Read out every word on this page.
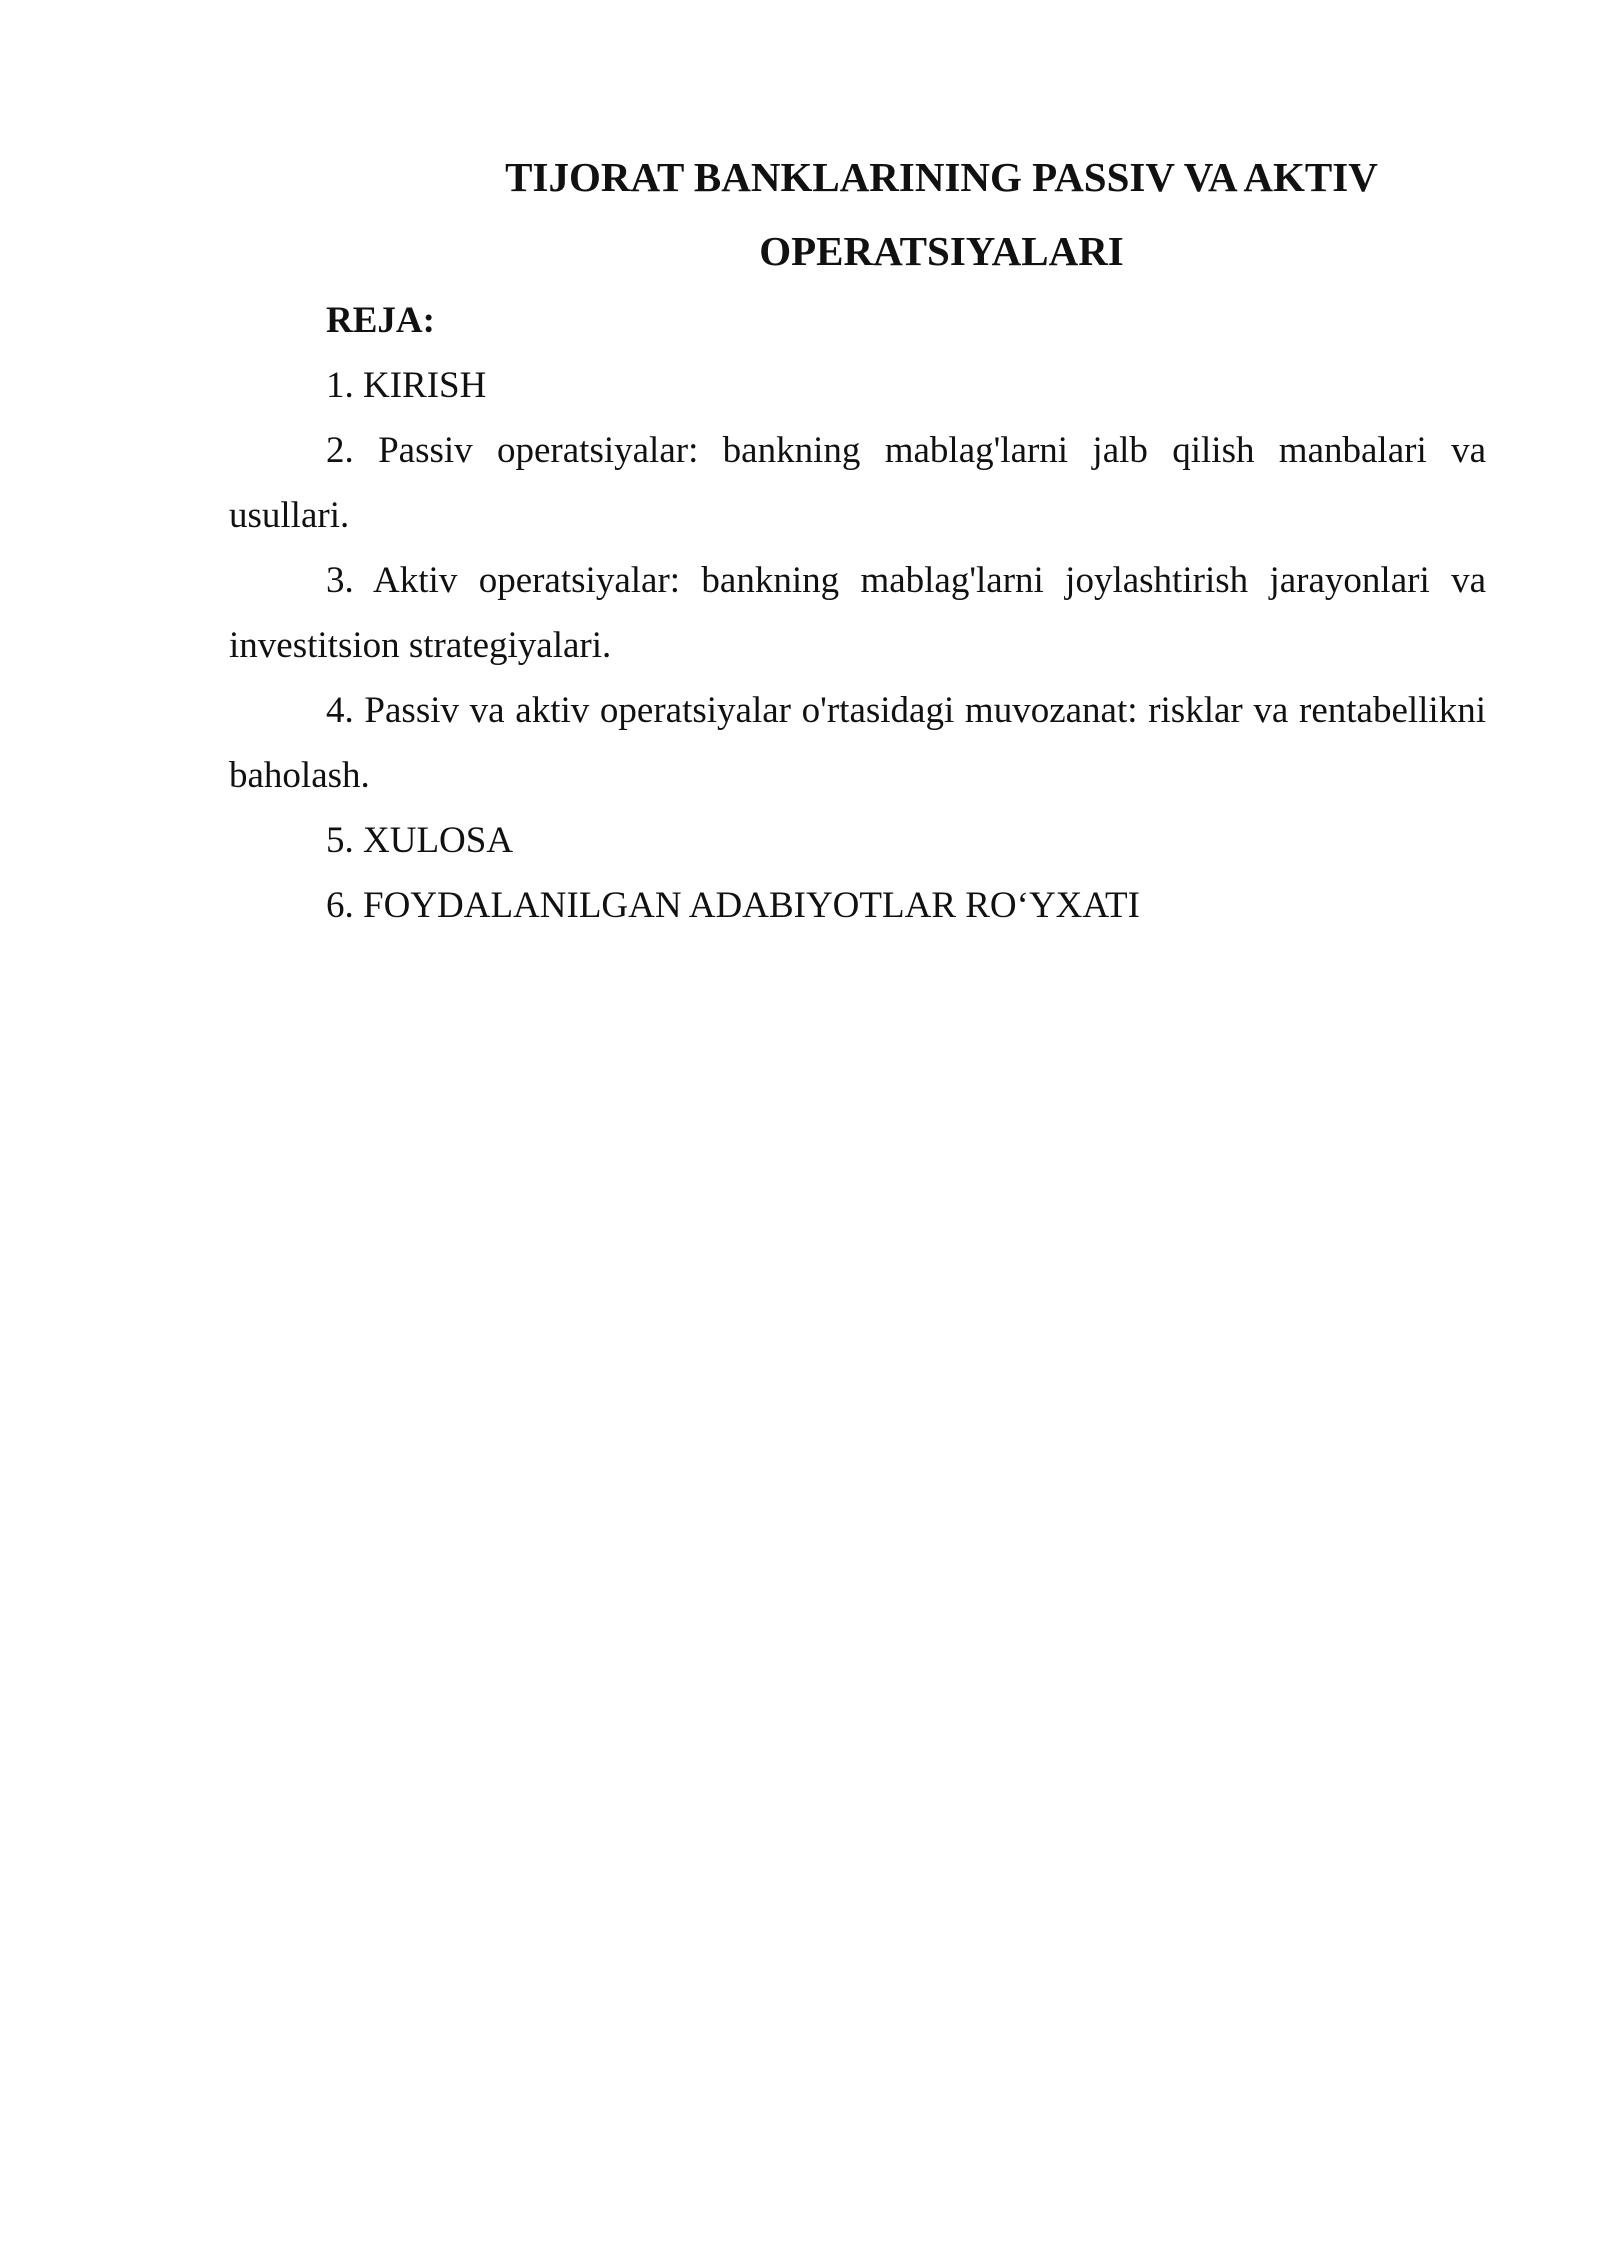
TIJORAT BANKLARINING PASSIV VA AKTIV
OPERATSIYALARI

REJA:

1. KIRISH

2. Passiv operatsiyalar: bankning mablag'larni jalb qilish manbalari va usullari.

3. Aktiv operatsiyalar: bankning mablag'larni joylashtirish jarayonlari va investitsion strategiyalari.

4. Passiv va aktiv operatsiyalar o'rtasidagi muvozanat: risklar va rentabellikni baholash.

5. XULOSA

6. FOYDALANILGAN ADABIYOTLAR RO‘YXATI
